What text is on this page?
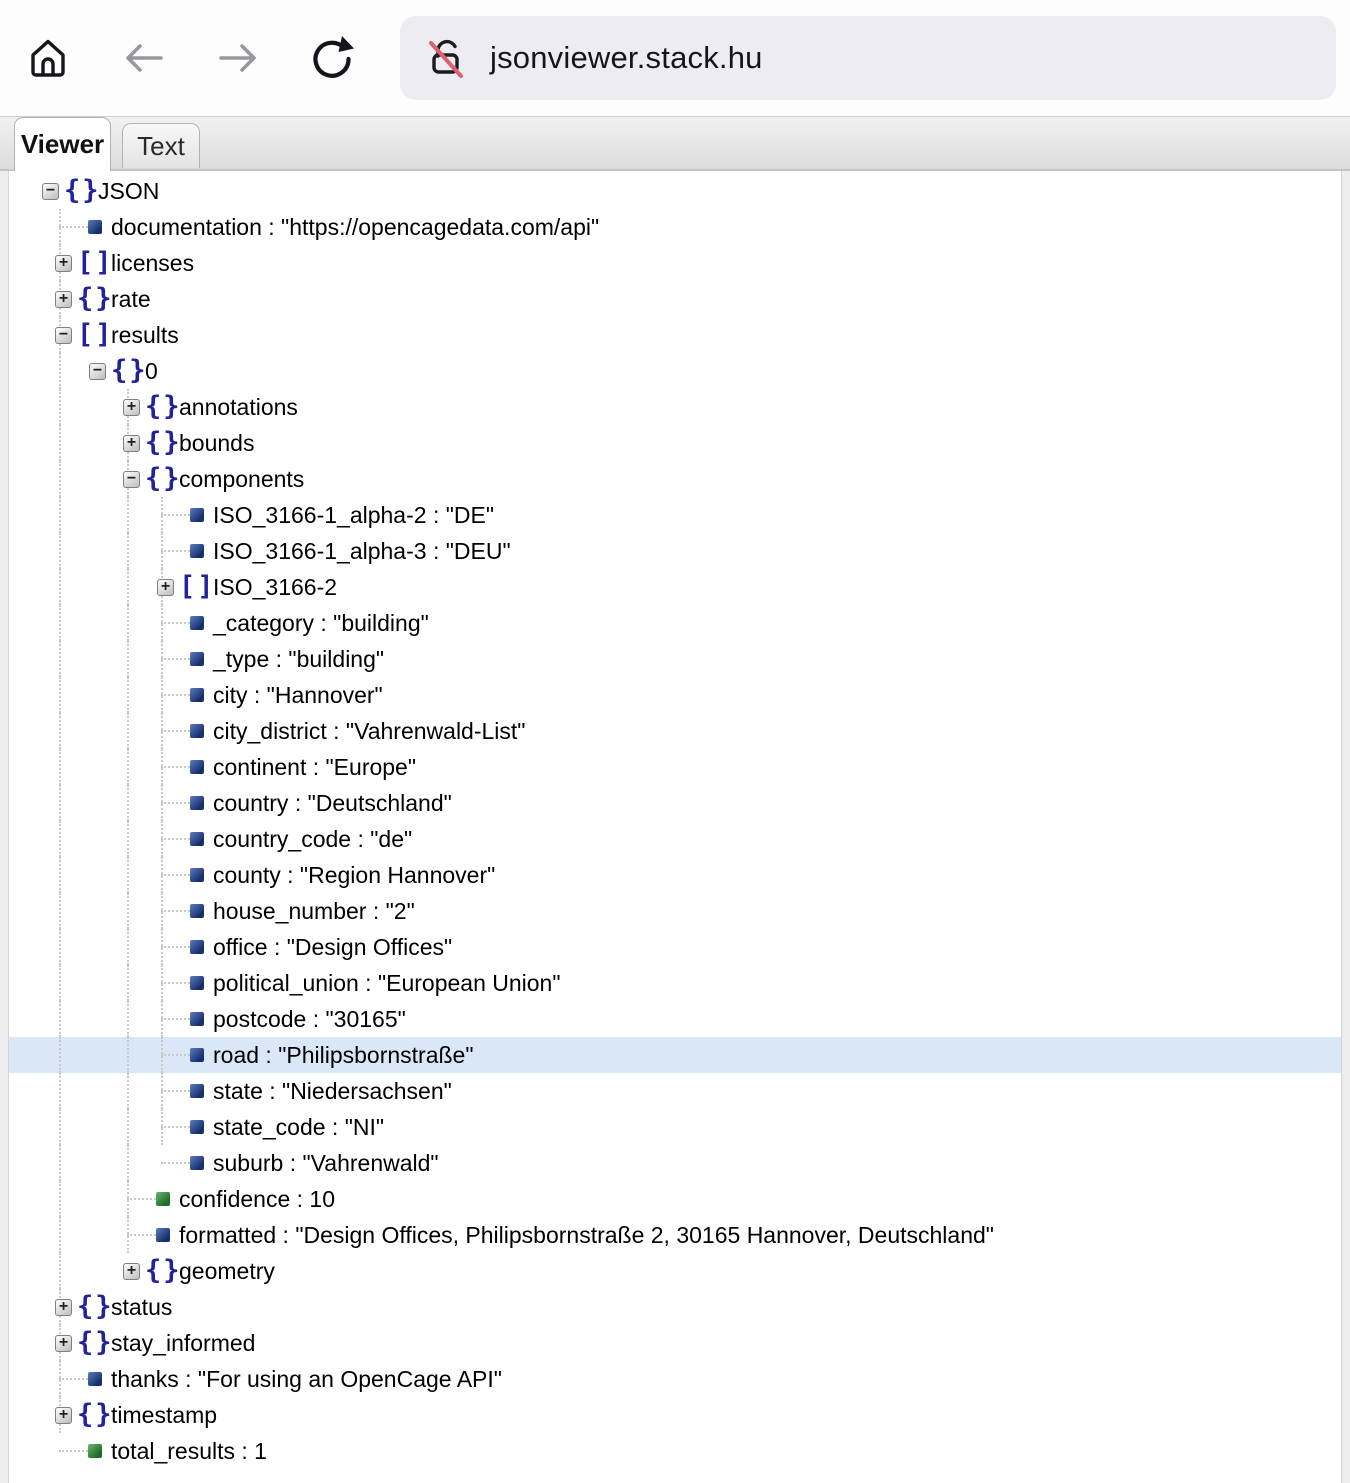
jsonviewer.stack.hu
Viewer	Text
− {}
JSON
documentation : "https://opencagedata.com/api"
+ []
licenses
+ {}
rate
− []
results
− {}
0
+ {}
annotations
+ {}
bounds
− {}
components
ISO_3166-1_alpha-2 : "DE"
ISO_3166-1_alpha-3 : "DEU"
+ []
ISO_3166-2
_category : "building"
_type : "building"
city : "Hannover"
city_district : "Vahrenwald-List"
continent : "Europe"
country : "Deutschland"
country_code : "de"
county : "Region Hannover"
house_number : "2"
office : "Design Offices"
political_union : "European Union"
postcode : "30165"
road : "Philipsbornstraße"
state : "Niedersachsen"
state_code : "NI"
suburb : "Vahrenwald"
confidence : 10
formatted : "Design Offices, Philipsbornstraße 2, 30165 Hannover, Deutschland"
+ {}
geometry
+ {}
status
+ {}
stay_informed
thanks : "For using an OpenCage API"
+ {}
timestamp
total_results : 1
